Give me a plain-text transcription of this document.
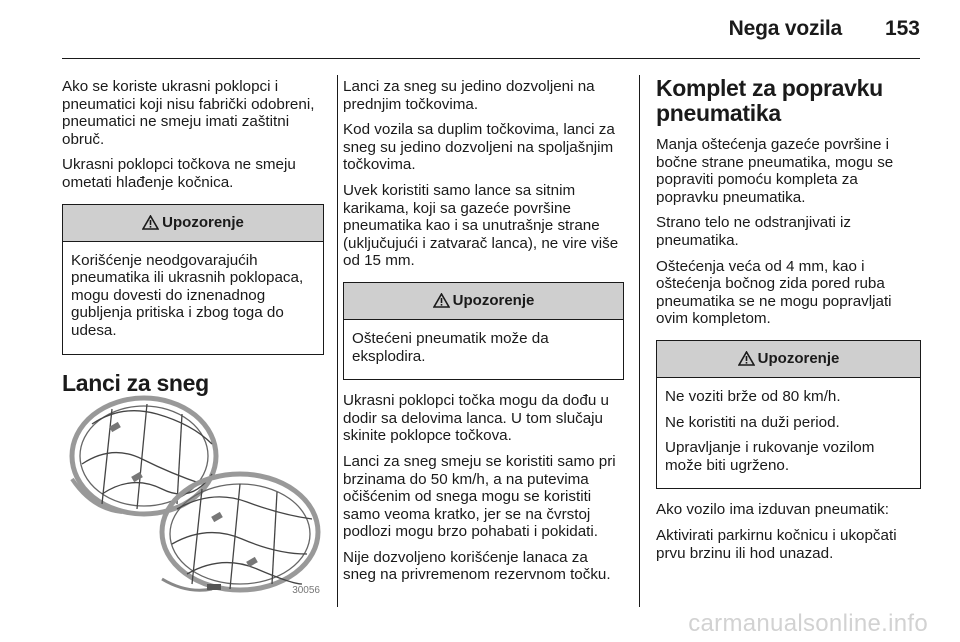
Nega vozila 153

Ako se koriste ukrasni poklopci i pneumatici koji nisu fabrički odobreni, pneumatici ne smeju imati zaštitni obruč.

Ukrasni poklopci točkova ne smeju ometati hlađenje kočnica.

Upozorenje

Korišćenje neodgovarajućih pneumatika ili ukrasnih poklopaca, mogu dovesti do iznenadnog gubljenja pritiska i zbog toga do udesa.

Lanci za sneg
30056

Lanci za sneg su jedino dozvoljeni na prednjim točkovima.

Kod vozila sa duplim točkovima, lanci za sneg su jedino dozvoljeni na spoljašnjim točkovima.

Uvek koristiti samo lance sa sitnim karikama, koji sa gazeće površine pneumatika kao i sa unutrašnje strane (uključujući i zatvarač lanca), ne vire više od 15 mm.

Upozorenje

Oštećeni pneumatik može da eksplodira.

Ukrasni poklopci točka mogu da dođu u dodir sa delovima lanca. U tom slučaju skinite poklopce točkova.

Lanci za sneg smeju se koristiti samo pri brzinama do 50 km/h, a na putevima očišćenim od snega mogu se koristiti samo veoma kratko, jer se na čvrstoj podlozi mogu brzo pohabati i pokidati.

Nije dozvoljeno korišćenje lanaca za sneg na privremenom rezervnom točku.

Komplet za popravku pneumatika

Manja oštećenja gazeće površine i bočne strane pneumatika, mogu se popraviti pomoću kompleta za popravku pneumatika.

Strano telo ne odstranjivati iz pneumatika.

Oštećenja veća od 4 mm, kao i oštećenja bočnog zida pored ruba pneumatika se ne mogu popravljati ovim kompletom.

Upozorenje

Ne voziti brže od 80 km/h.

Ne koristiti na duži period.

Upravljanje i rukovanje vozilom može biti ugrženo.

Ako vozilo ima izduvan pneumatik:

Aktivirati parkirnu kočnicu i ukopčati prvu brzinu ili hod unazad.

carmanualsonline.info
